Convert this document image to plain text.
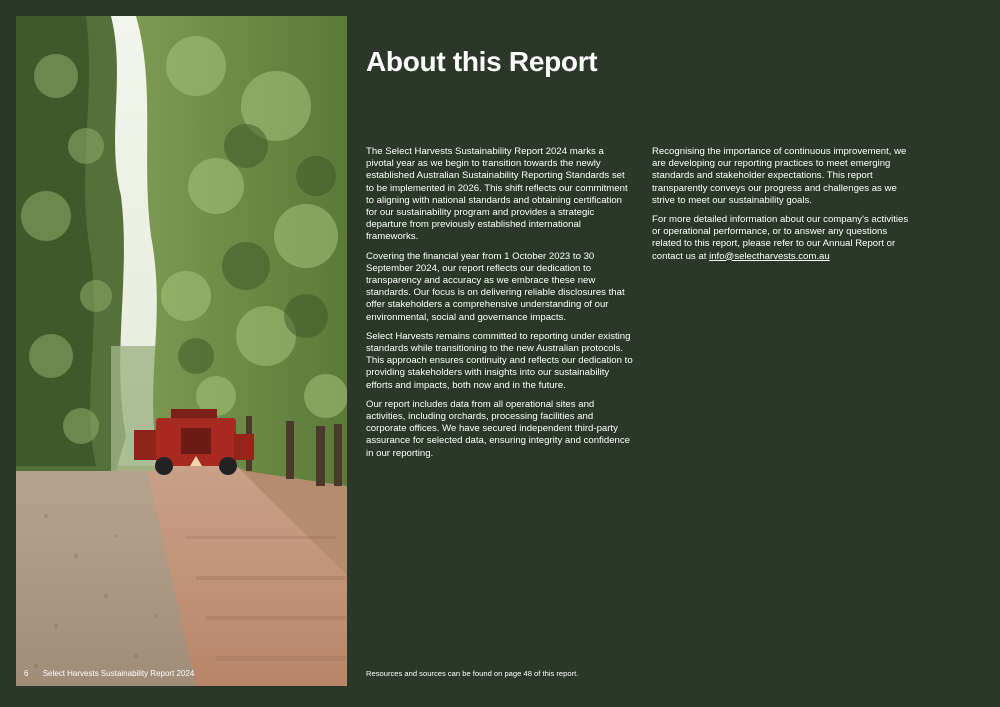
6 Select Harvests Sustainability Report 2024
About this Report

The Select Harvests Sustainability Report 2024 marks a pivotal year as we begin to transition towards the newly established Australian Sustainability Reporting Standards set to be implemented in 2026. This shift reflects our commitment to aligning with national standards and obtaining certification for our sustainability program and provides a strategic departure from previously established international frameworks.

Covering the financial year from 1 October 2023 to 30 September 2024, our report reflects our dedication to transparency and accuracy as we embrace these new standards. Our focus is on delivering reliable disclosures that offer stakeholders a comprehensive understanding of our environmental, social and governance impacts.

Select Harvests remains committed to reporting under existing standards while transitioning to the new Australian protocols. This approach ensures continuity and reflects our dedication to providing stakeholders with insights into our sustainability efforts and impacts, both now and in the future.

Our report includes data from all operational sites and activities, including orchards, processing facilities and corporate offices. We have secured independent third-party assurance for selected data, ensuring integrity and confidence in our reporting.

Recognising the importance of continuous improvement, we are developing our reporting practices to meet emerging standards and stakeholder expectations. This report transparently conveys our progress and challenges as we strive to meet our sustainability goals.

For more detailed information about our company's activities or operational performance, or to answer any questions related to this report, please refer to our Annual Report or contact us at info@selectharvests.com.au

Resources and sources can be found on page 48 of this report.
